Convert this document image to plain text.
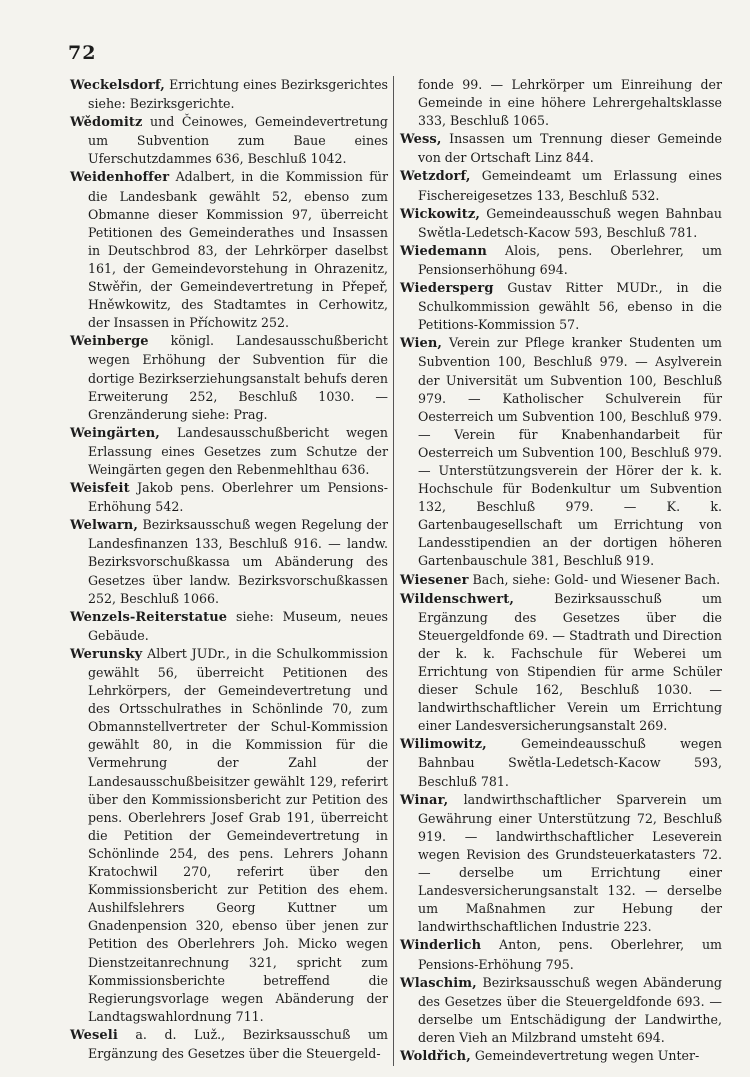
72

Weckelsdorf, Errichtung eines Bezirksgerichtes siehe: Bezirksgerichte.

Wědomitz und Čeinowes, Gemeindevertretung um Subvention zum Baue eines Uferschutzdammes 636, Beschluß 1042.

Weidenhoffer Adalbert, in die Kommission für die Landesbank gewählt 52, ebenso zum Obmanne dieser Kommission 97, überreicht Petitionen des Gemeinderathes und Insassen in Deutschbrod 83, der Lehrkörper daselbst 161, der Gemeindevorstehung in Ohrazenitz, Stwěřin, der Gemeindevertretung in Přepeř, Hněwkowitz, des Stadtamtes in Cerhowitz, der Insassen in Příchowitz 252.

Weinberge königl. Landesausschußbericht wegen Erhöhung der Subvention für die dortige Bezirkserziehungsanstalt behufs deren Erweiterung 252, Beschluß 1030. — Grenzänderung siehe: Prag.

Weingärten, Landesausschußbericht wegen Erlassung eines Gesetzes zum Schutze der Weingärten gegen den Rebenmehlthau 636.

Weisfeit Jakob pens. Oberlehrer um Pensions-Erhöhung 542.

Welwarn, Bezirksausschuß wegen Regelung der Landesfinanzen 133, Beschluß 916. — landw. Bezirksvorschußkassa um Abänderung des Gesetzes über landw. Bezirksvorschußkassen 252, Beschluß 1066.

Wenzels-Reiterstatue siehe: Museum, neues Gebäude.

Werunsky Albert JUDr., in die Schulkommission gewählt 56, überreicht Petitionen des Lehrkörpers, der Gemeindevertretung und des Ortsschulrathes in Schönlinde 70, zum Obmannstellvertreter der Schul-Kommission gewählt 80, in die Kommission für die Vermehrung der Zahl der Landesausschußbeisitzer gewählt 129, referirt über den Kommissionsbericht zur Petition des pens. Oberlehrers Josef Grab 191, überreicht die Petition der Gemeindevertretung in Schönlinde 254, des pens. Lehrers Johann Kratochwil 270, referirt über den Kommissionsbericht zur Petition des ehem. Aushilfslehrers Georg Kuttner um Gnadenpension 320, ebenso über jenen zur Petition des Oberlehrers Joh. Micko wegen Dienstzeitanrechnung 321, spricht zum Kommissionsberichte betreffend die Regierungsvorlage wegen Abänderung der Landtagswahlordnung 711.

Weseli a. d. Luž., Bezirksausschuß um Ergänzung des Gesetzes über die Steuergeld-

fonde 99. — Lehrkörper um Einreihung der Gemeinde in eine höhere Lehrergehaltsklasse 333, Beschluß 1065.

Wess, Insassen um Trennung dieser Gemeinde von der Ortschaft Linz 844.

Wetzdorf, Gemeindeamt um Erlassung eines Fischereigesetzes 133, Beschluß 532.

Wickowitz, Gemeindeausschuß wegen Bahnbau Swětla-Ledetsch-Kacow 593, Beschluß 781.

Wiedemann Alois, pens. Oberlehrer, um Pensionserhöhung 694.

Wiedersperg Gustav Ritter MUDr., in die Schulkommission gewählt 56, ebenso in die Petitions-Kommission 57.

Wien, Verein zur Pflege kranker Studenten um Subvention 100, Beschluß 979. — Asylverein der Universität um Subvention 100, Beschluß 979. — Katholischer Schulverein für Oesterreich um Subvention 100, Beschluß 979. — Verein für Knabenhandarbeit für Oesterreich um Subvention 100, Beschluß 979. — Unterstützungsverein der Hörer der k. k. Hochschule für Bodenkultur um Subvention 132, Beschluß 979. — K. k. Gartenbaugesellschaft um Errichtung von Landesstipendien an der dortigen höheren Gartenbauschule 381, Beschluß 919.

Wiesener Bach, siehe: Gold- und Wiesener Bach.

Wildenschwert, Bezirksausschuß um Ergänzung des Gesetzes über die Steuergeldfonde 69. — Stadtrath und Direction der k. k. Fachschule für Weberei um Errichtung von Stipendien für arme Schüler dieser Schule 162, Beschluß 1030. — landwirthschaftlicher Verein um Errichtung einer Landesversicherungsanstalt 269.

Wilimowitz, Gemeindeausschuß wegen Bahnbau Swětla-Ledetsch-Kacow 593, Beschluß 781.

Winar, landwirthschaftlicher Sparverein um Gewährung einer Unterstützung 72, Beschluß 919. — landwirthschaftlicher Leseverein wegen Revision des Grundsteuerkatasters 72. — derselbe um Errichtung einer Landesversicherungsanstalt 132. — derselbe um Maßnahmen zur Hebung der landwirthschaftlichen Industrie 223.

Winderlich Anton, pens. Oberlehrer, um Pensions-Erhöhung 795.

Wlaschim, Bezirksausschuß wegen Abänderung des Gesetzes über die Steuergeldfonde 693. — derselbe um Entschädigung der Landwirthe, deren Vieh an Milzbrand umsteht 694.

Woldřich, Gemeindevertretung wegen Unter-
